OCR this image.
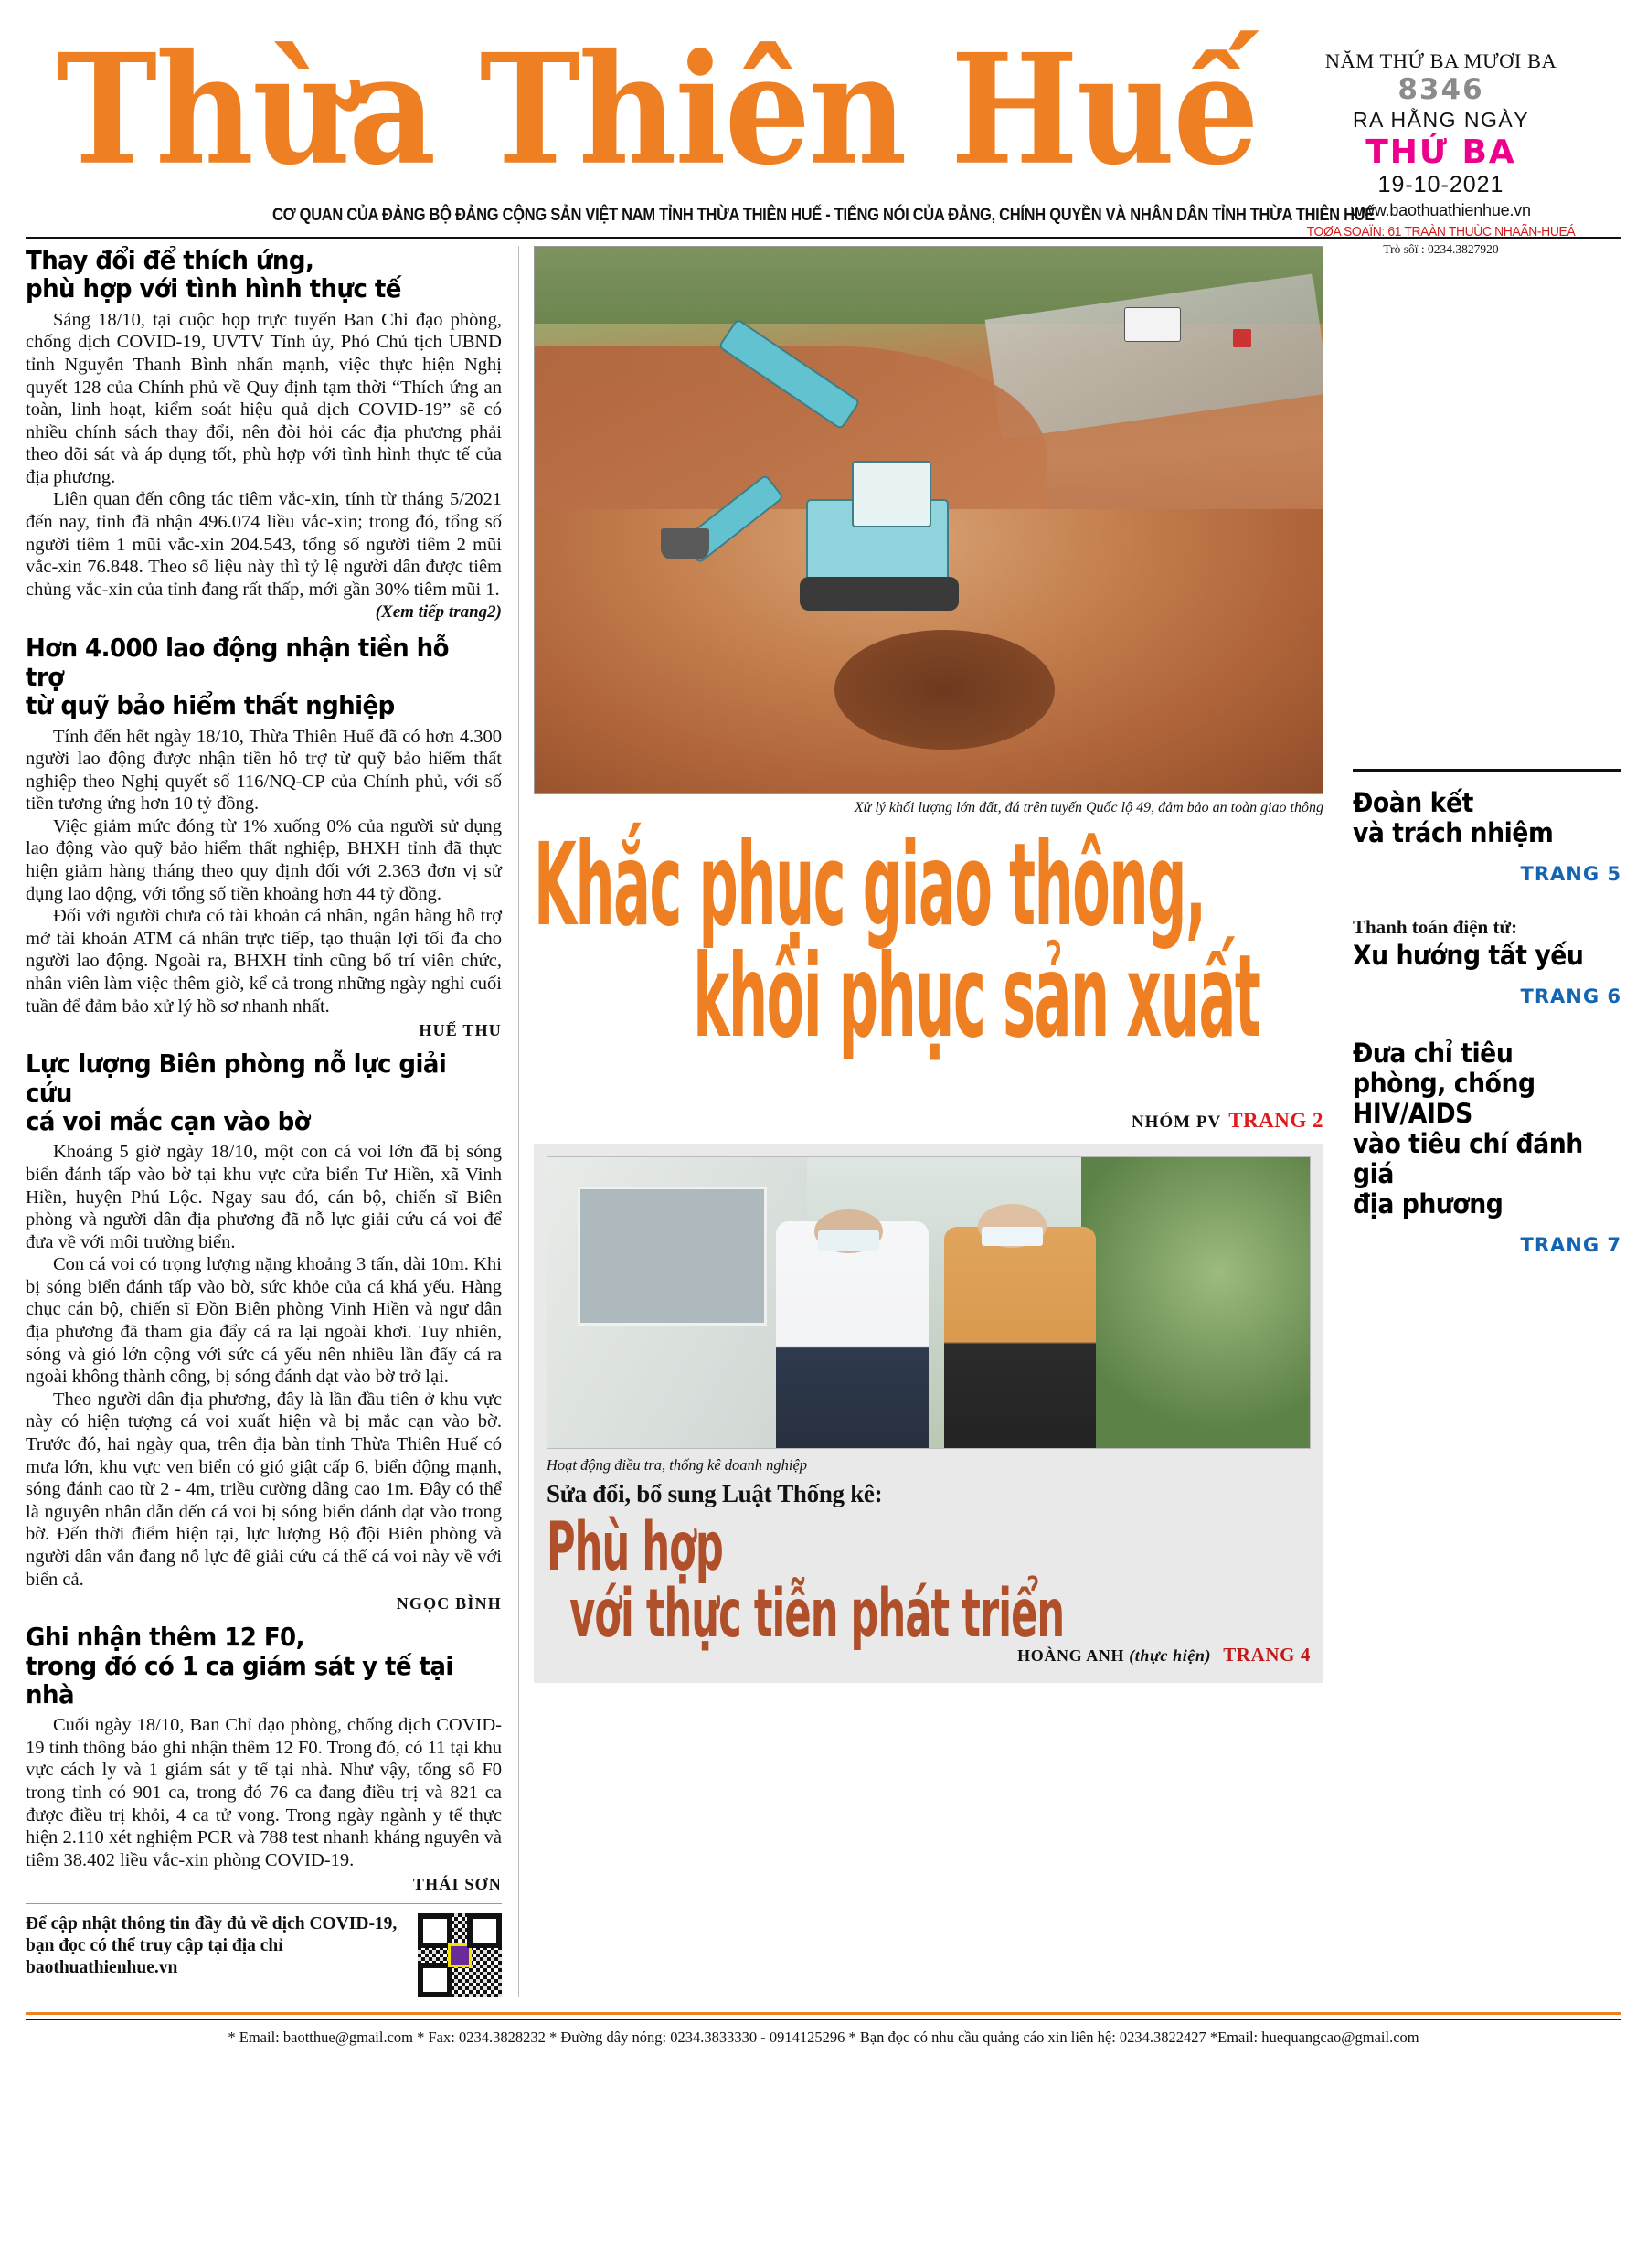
Thừa Thiên Huế	NĂM THỨ BA MƯƠI BA
8346
RA HẰNG NGÀY
THỨ BA
19-10-2021
www.baothuathienhue.vn
TOØA SOAÏN: 61 TRAÀN THUÙC NHAÃN-HUEÁ
Trò sôï : 0234.3827920
CƠ QUAN CỦA ĐẢNG BỘ ĐẢNG CỘNG SẢN VIỆT NAM TỈNH THỪA THIÊN HUẾ - TIẾNG NÓI CỦA ĐẢNG, CHÍNH QUYỀN VÀ NHÂN DÂN TỈNH THỪA THIÊN HUẾ
Thay đổi để thích ứng,
phù hợp với tình hình thực tế

Sáng 18/10, tại cuộc họp trực tuyến Ban Chỉ đạo phòng, chống dịch COVID-19, UVTV Tỉnh ủy, Phó Chủ tịch UBND tỉnh Nguyễn Thanh Bình nhấn mạnh, việc thực hiện Nghị quyết 128 của Chính phủ về Quy định tạm thời “Thích ứng an toàn, linh hoạt, kiểm soát hiệu quả dịch COVID-19” sẽ có nhiều chính sách thay đổi, nên đòi hỏi các địa phương phải theo dõi sát và áp dụng tốt, phù hợp với tình hình thực tế của địa phương.

Liên quan đến công tác tiêm vắc-xin, tính từ tháng 5/2021 đến nay, tỉnh đã nhận 496.074 liều vắc-xin; trong đó, tổng số người tiêm 1 mũi vắc-xin 204.543, tổng số người tiêm 2 mũi vắc-xin 76.848. Theo số liệu này thì tỷ lệ người dân được tiêm chủng vắc-xin của tỉnh đang rất thấp, mới gần 30% tiêm mũi 1.

(Xem tiếp trang2)
Hơn 4.000 lao động nhận tiền hỗ trợ
từ quỹ bảo hiểm thất nghiệp

Tính đến hết ngày 18/10, Thừa Thiên Huế đã có hơn 4.300 người lao động được nhận tiền hỗ trợ từ quỹ bảo hiểm thất nghiệp theo Nghị quyết số 116/NQ-CP của Chính phủ, với số tiền tương ứng hơn 10 tỷ đồng.

Việc giảm mức đóng từ 1% xuống 0% của người sử dụng lao động vào quỹ bảo hiểm thất nghiệp, BHXH tỉnh đã thực hiện giảm hàng tháng theo quy định đối với 2.363 đơn vị sử dụng lao động, với tổng số tiền khoảng hơn 44 tỷ đồng.

Đối với người chưa có tài khoản cá nhân, ngân hàng hỗ trợ mở tài khoản ATM cá nhân trực tiếp, tạo thuận lợi tối đa cho người lao động. Ngoài ra, BHXH tỉnh cũng bố trí viên chức, nhân viên làm việc thêm giờ, kể cả trong những ngày nghỉ cuối tuần để đảm bảo xử lý hồ sơ nhanh nhất.

HUẾ THU
Lực lượng Biên phòng nỗ lực giải cứu
cá voi mắc cạn vào bờ

Khoảng 5 giờ ngày 18/10, một con cá voi lớn đã bị sóng biển đánh tấp vào bờ tại khu vực cửa biển Tư Hiền, xã Vinh Hiền, huyện Phú Lộc. Ngay sau đó, cán bộ, chiến sĩ Biên phòng và người dân địa phương đã nỗ lực giải cứu cá voi để đưa về với môi trường biển.

Con cá voi có trọng lượng nặng khoảng 3 tấn, dài 10m. Khi bị sóng biển đánh tấp vào bờ, sức khỏe của cá khá yếu. Hàng chục cán bộ, chiến sĩ Đồn Biên phòng Vinh Hiền và ngư dân địa phương đã tham gia đẩy cá ra lại ngoài khơi. Tuy nhiên, sóng và gió lớn cộng với sức cá yếu nên nhiều lần đẩy cá ra ngoài không thành công, bị sóng đánh dạt vào bờ trở lại.

Theo người dân địa phương, đây là lần đầu tiên ở khu vực này có hiện tượng cá voi xuất hiện và bị mắc cạn vào bờ. Trước đó, hai ngày qua, trên địa bàn tỉnh Thừa Thiên Huế có mưa lớn, khu vực ven biển có gió giật cấp 6, biển động mạnh, sóng đánh cao từ 2 - 4m, triều cường dâng cao 1m. Đây có thể là nguyên nhân dẫn đến cá voi bị sóng biển đánh dạt vào trong bờ. Đến thời điểm hiện tại, lực lượng Bộ đội Biên phòng và người dân vẫn đang nỗ lực để giải cứu cá thể cá voi này về với biển cả.

NGỌC BÌNH
Ghi nhận thêm 12 F0,
trong đó có 1 ca giám sát y tế tại nhà

Cuối ngày 18/10, Ban Chỉ đạo phòng, chống dịch COVID-19 tỉnh thông báo ghi nhận thêm 12 F0. Trong đó, có 11 tại khu vực cách ly và 1 giám sát y tế tại nhà. Như vậy, tổng số F0 trong tỉnh có 901 ca, trong đó 76 ca đang điều trị và 821 ca được điều trị khỏi, 4 ca tử vong. Trong ngày ngành y tế thực hiện 2.110 xét nghiệm PCR và 788 test nhanh kháng nguyên và tiêm 38.402 liều vắc-xin phòng COVID-19.

THÁI SƠN
Để cập nhật thông tin đầy đủ về dịch COVID-19, bạn đọc có thể truy cập tại địa chỉ baothuathienhue.vn
Xử lý khối lượng lớn đất, đá trên tuyến Quốc lộ 49, đảm bảo an toàn giao thông
Khắc phục giao thông,
khôi phục sản xuất
NHÓM PV TRANG 2
Hoạt động điều tra, thống kê doanh nghiệp
Sửa đổi, bổ sung Luật Thống kê:
Phù hợp
với thực tiễn phát triển
HOÀNG ANH (thực hiện) TRANG 4
Đoàn kết
và trách nhiệm
TRANG 5
Thanh toán điện tử:
Xu hướng tất yếu
TRANG 6
Đưa chỉ tiêu
phòng, chống HIV/AIDS
vào tiêu chí đánh giá
địa phương
TRANG 7
* Email: baotthue@gmail.com * Fax: 0234.3828232 * Đường dây nóng: 0234.3833330 - 0914125296 * Bạn đọc có nhu cầu quảng cáo xin liên hệ: 0234.3822427 *Email: huequangcao@gmail.com
